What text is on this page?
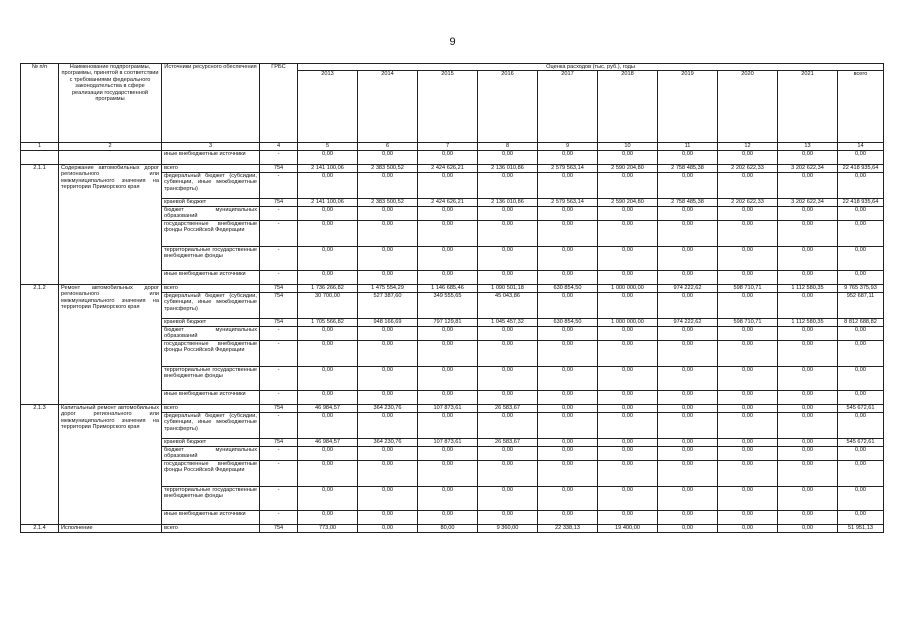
9
№ п/п	Наименование подпрограммы, программы, принятой в соответствии с требованиями федерального законодательства в сфере реализации государственной программы	Источники ресурсного обеспечения	ГРБС	Оценка расходов (тыс. руб.), годы									
				2013	2014	2015	2016	2017	2018	2019	2020	2021	всего
1	2	3	4	5	6	7	8	9	10	11	12	13	14
		иные внебюджетные источники	-	0,00	0,00	0,00	0,00	0,00	0,00	0,00	0,00	0,00	0,00
2.1.1	Содержание автомобильных дорог регионального или межмуниципального значения на территории Приморского края	всего	754	2 141 100,06	2 383 500,52	2 424 626,21	2 136 010,86	2 579 563,14	2 590 204,80	2 758 485,38	2 202 622,33	3 202 622,34	22 418 935,64
		федеральный бюджет (субсидии, субвенции, иные межбюджетные трансферты)	-	0,00	0,00	0,00	0,00	0,00	0,00	0,00	0,00	0,00	0,00
		краевой бюджет	754	2 141 100,06	2 383 500,52	2 424 626,21	2 136 010,86	2 579 563,14	2 590 204,80	2 758 485,38	2 202 622,33	3 202 622,34	22 418 935,64
		бюджет муниципальных образований	-	0,00	0,00	0,00	0,00	0,00	0,00	0,00	0,00	0,00	0,00
		государственные внебюджетные фонды Российской Федерации	-	0,00	0,00	0,00	0,00	0,00	0,00	0,00	0,00	0,00	0,00
		территориальные государственные внебюджетные фонды	-	0,00	0,00	0,00	0,00	0,00	0,00	0,00	0,00	0,00	0,00
		иные внебюджетные источники	-	0,00	0,00	0,00	0,00	0,00	0,00	0,00	0,00	0,00	0,00
2.1.2	Ремонт автомобильных дорог регионального или межмуниципального значения на территории Приморского края	всего	754	1 736 266,82	1 475 554,29	1 146 685,46	1 090 501,18	630 854,50	1 000 000,00	974 222,62	598 710,71	1 112 580,35	9 765 375,93
		федеральный бюджет (субсидии, субвенции, иные межбюджетные трансферты)	754	30 700,00	527 387,60	349 555,65	45 043,86	0,00	0,00	0,00	0,00	0,00	952 687,11
		краевой бюджет	754	1 705 566,82	948 166,69	797 129,81	1 045 457,32	630 854,50	1 000 000,00	974 222,62	598 710,71	1 112 580,35	8 812 688,82
		бюджет муниципальных образований	-	0,00	0,00	0,00	0,00	0,00	0,00	0,00	0,00	0,00	0,00
		государственные внебюджетные фонды Российской Федерации	-	0,00	0,00	0,00	0,00	0,00	0,00	0,00	0,00	0,00	0,00
		территориальные государственные внебюджетные фонды	-	0,00	0,00	0,00	0,00	0,00	0,00	0,00	0,00	0,00	0,00
		иные внебюджетные источники	-	0,00	0,00	0,00	0,00	0,00	0,00	0,00	0,00	0,00	0,00
2.1.3	Капитальный ремонт автомобильных дорог регионального или межмуниципального значения на территории Приморского края	всего	754	46 984,57	364 230,76	107 873,61	26 583,67	0,00	0,00	0,00	0,00	0,00	545 672,61
		федеральный бюджет (субсидии, субвенции, иные межбюджетные трансферты)	-	0,00	0,00	0,00	0,00	0,00	0,00	0,00	0,00	0,00	0,00
		краевой бюджет	754	46 984,57	364 230,76	107 873,61	26 583,67	0,00	0,00	0,00	0,00	0,00	545 672,61
		бюджет муниципальных образований	-	0,00	0,00	0,00	0,00	0,00	0,00	0,00	0,00	0,00	0,00
		государственные внебюджетные фонды Российской Федерации	-	0,00	0,00	0,00	0,00	0,00	0,00	0,00	0,00	0,00	0,00
		территориальные государственные внебюджетные фонды	-	0,00	0,00	0,00	0,00	0,00	0,00	0,00	0,00	0,00	0,00
		иные внебюджетные источники	-	0,00	0,00	0,00	0,00	0,00	0,00	0,00	0,00	0,00	0,00
2.1.4	Исполнение	всего	754	773,00	0,00	80,00	9 360,00	22 338,13	19 400,00	0,00	0,00	0,00	51 951,13
